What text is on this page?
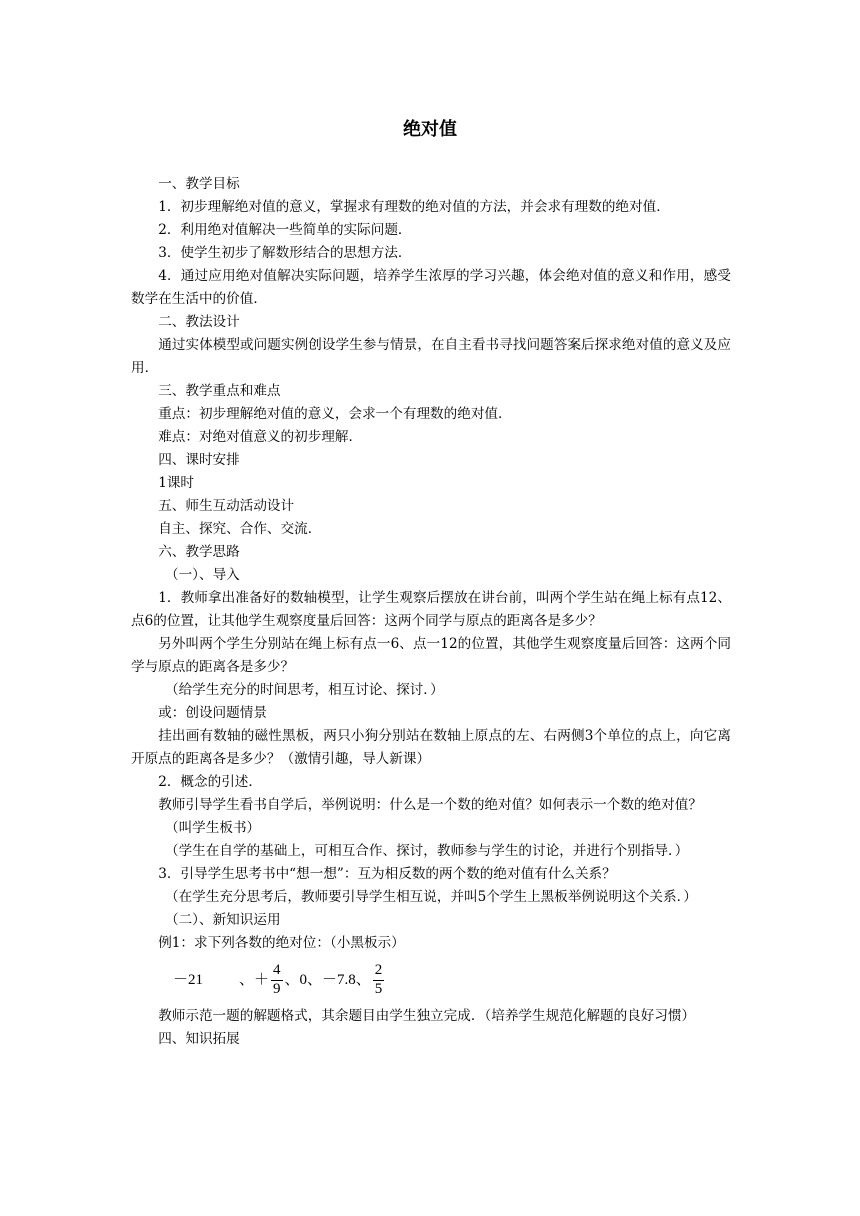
绝对值

一、教学目标

1．初步理解绝对值的意义，掌握求有理数的绝对值的方法，并会求有理数的绝对值．

2．利用绝对值解决一些简单的实际问题．

3．使学生初步了解数形结合的思想方法．

4．通过应用绝对值解决实际问题，培养学生浓厚的学习兴趣，体会绝对值的意义和作用，感受数学在生活中的价值．

二、教法设计

通过实体模型或问题实例创设学生参与情景，在自主看书寻找问题答案后探求绝对值的意义及应用．

三、教学重点和难点

重点：初步理解绝对值的意义，会求一个有理数的绝对值．

难点：对绝对值意义的初步理解．

四、课时安排

1课时

五、师生互动活动设计

自主、探究、合作、交流．

六、教学思路

（一）、导入

1．教师拿出准备好的数轴模型，让学生观察后摆放在讲台前，叫两个学生站在绳上标有点12、点6的位置，让其他学生观察度量后回答：这两个同学与原点的距离各是多少？

另外叫两个学生分别站在绳上标有点一6、点一12的位置，其他学生观察度量后回答：这两个同学与原点的距离各是多少？

（给学生充分的时间思考，相互讨论、探讨．）

或：创设问题情景

挂出画有数轴的磁性黑板，两只小狗分别站在数轴上原点的左、右两侧3个单位的点上，向它离开原点的距离各是多少？（激情引趣，导人新课）

2．概念的引述．

教师引导学生看书自学后，举例说明：什么是一个数的绝对值？如何表示一个数的绝对值？

（叫学生板书）

（学生在自学的基础上，可相互合作、探讨，教师参与学生的讨论，并进行个别指导．）

3．引导学生思考书中“想一想”：互为相反数的两个数的绝对值有什么关系？

（在学生充分思考后，教师要引导学生相互说，并叫5个学生上黑板举例说明这个关系．）

（二）、新知识运用

例1：求下列各数的绝对位：（小黑板示）

－21 、＋ $\frac{4}{9}$ 、0、－7.8、 $\frac{2}{5}$

教师示范一题的解题格式，其余题目由学生独立完成．（培养学生规范化解题的良好习惯）

四、知识拓展
